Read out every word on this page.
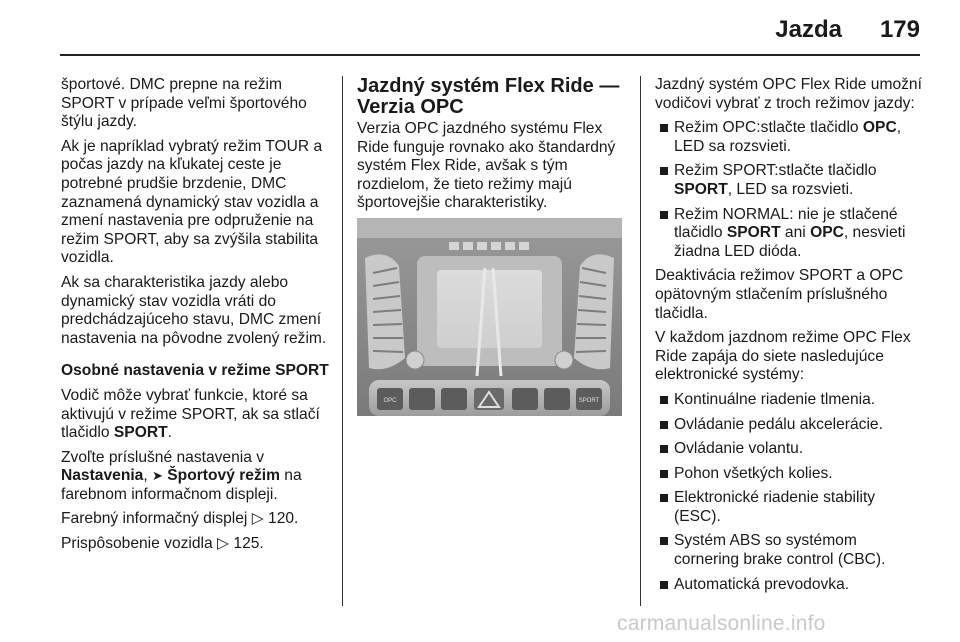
Jazda 179

športové. DMC prepne na režim SPORT v prípade veľmi športového štýlu jazdy.

Ak je napríklad vybratý režim TOUR a počas jazdy na kľukatej ceste je potrebné prudšie brzdenie, DMC zaznamená dynamický stav vozidla a zmení nastavenia pre odpruženie na režim SPORT, aby sa zvýšila stabilita vozidla.

Ak sa charakteristika jazdy alebo dynamický stav vozidla vráti do predchádzajúceho stavu, DMC zmení nastavenia na pôvodne zvolený režim.

Osobné nastavenia v režime SPORT

Vodič môže vybrať funkcie, ktoré sa aktivujú v režime SPORT, ak sa stlačí tlačidlo SPORT.

Zvoľte príslušné nastavenia v
Nastavenia, ➤ Športový režim na farebnom informačnom displeji.

Farebný informačný displej ▷ 120.

Prispôsobenie vozidla ▷ 125.

Jazdný systém Flex Ride — Verzia OPC

Verzia OPC jazdného systému Flex Ride funguje rovnako ako štandardný systém Flex Ride, avšak s tým rozdielom, že tieto režimy majú športovejšie charakteristiky.

OPC	SPORT

Jazdný systém OPC Flex Ride umožní vodičovi vybrať z troch režimov jazdy:

Režim OPC:stlačte tlačidlo OPC, LED sa rozsvieti.
Režim SPORT:stlačte tlačidlo SPORT, LED sa rozsvieti.
Režim NORMAL: nie je stlačené tlačidlo SPORT ani OPC, nesvieti žiadna LED dióda.

Deaktivácia režimov SPORT a OPC opätovným stlačením príslušného tlačidla.

V každom jazdnom režime OPC Flex Ride zapája do siete nasledujúce elektronické systémy:

Kontinuálne riadenie tlmenia.
Ovládanie pedálu akcelerácie.
Ovládanie volantu.
Pohon všetkých kolies.
Elektronické riadenie stability (ESC).
Systém ABS so systémom cornering brake control (CBC).
Automatická prevodovka.
carmanualsonline.info
